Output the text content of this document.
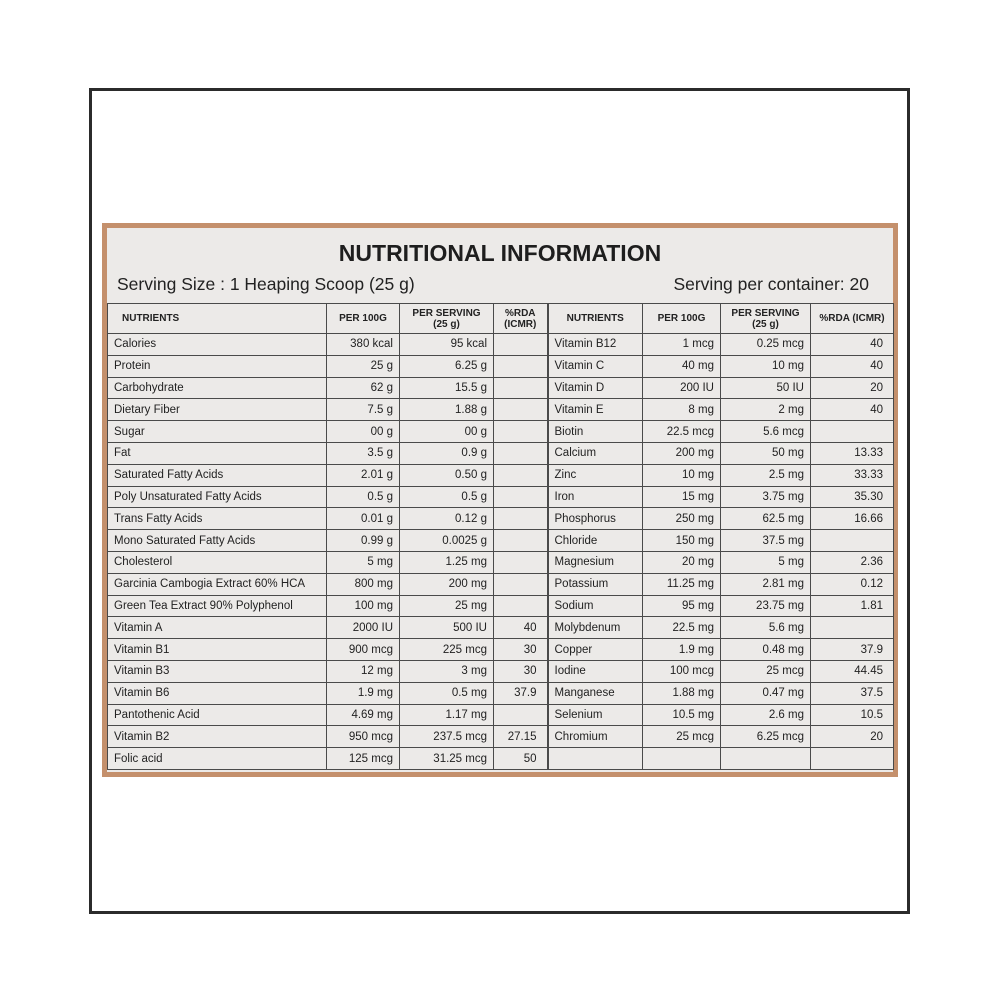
NUTRITIONAL INFORMATION
Serving Size : 1 Heaping Scoop (25 g)	Serving per container: 20
NUTRIENTS	PER 100G	PER SERVING (25 g)	%RDA (ICMR)	NUTRIENTS	PER 100G	PER SERVING (25 g)	%RDA (ICMR)
Calories	380 kcal	95 kcal		Vitamin B12	1 mcg	0.25 mcg	40
Protein	25 g	6.25 g		Vitamin C	40 mg	10 mg	40
Carbohydrate	62 g	15.5 g		Vitamin D	200 IU	50 IU	20
Dietary Fiber	7.5 g	1.88 g		Vitamin E	8 mg	2 mg	40
Sugar	00 g	00 g		Biotin	22.5 mcg	5.6 mcg	
Fat	3.5 g	0.9 g		Calcium	200 mg	50 mg	13.33
Saturated Fatty Acids	2.01 g	0.50 g		Zinc	10 mg	2.5 mg	33.33
Poly Unsaturated Fatty Acids	0.5 g	0.5 g		Iron	15 mg	3.75 mg	35.30
Trans Fatty Acids	0.01 g	0.12 g		Phosphorus	250 mg	62.5 mg	16.66
Mono Saturated Fatty Acids	0.99 g	0.0025 g		Chloride	150 mg	37.5 mg	
Cholesterol	5 mg	1.25 mg		Magnesium	20 mg	5 mg	2.36
Garcinia Cambogia Extract 60% HCA	800 mg	200 mg		Potassium	11.25 mg	2.81 mg	0.12
Green Tea Extract 90% Polyphenol	100 mg	25 mg		Sodium	95 mg	23.75 mg	1.81
Vitamin A	2000 IU	500 IU	40	Molybdenum	22.5 mg	5.6 mg	
Vitamin B1	900 mcg	225 mcg	30	Copper	1.9 mg	0.48 mg	37.9
Vitamin B3	12 mg	3 mg	30	Iodine	100 mcg	25 mcg	44.45
Vitamin B6	1.9 mg	0.5 mg	37.9	Manganese	1.88 mg	0.47 mg	37.5
Pantothenic Acid	4.69 mg	1.17 mg		Selenium	10.5 mg	2.6 mg	10.5
Vitamin B2	950 mcg	237.5 mcg	27.15	Chromium	25 mcg	6.25 mcg	20
Folic acid	125 mcg	31.25 mcg	50				
